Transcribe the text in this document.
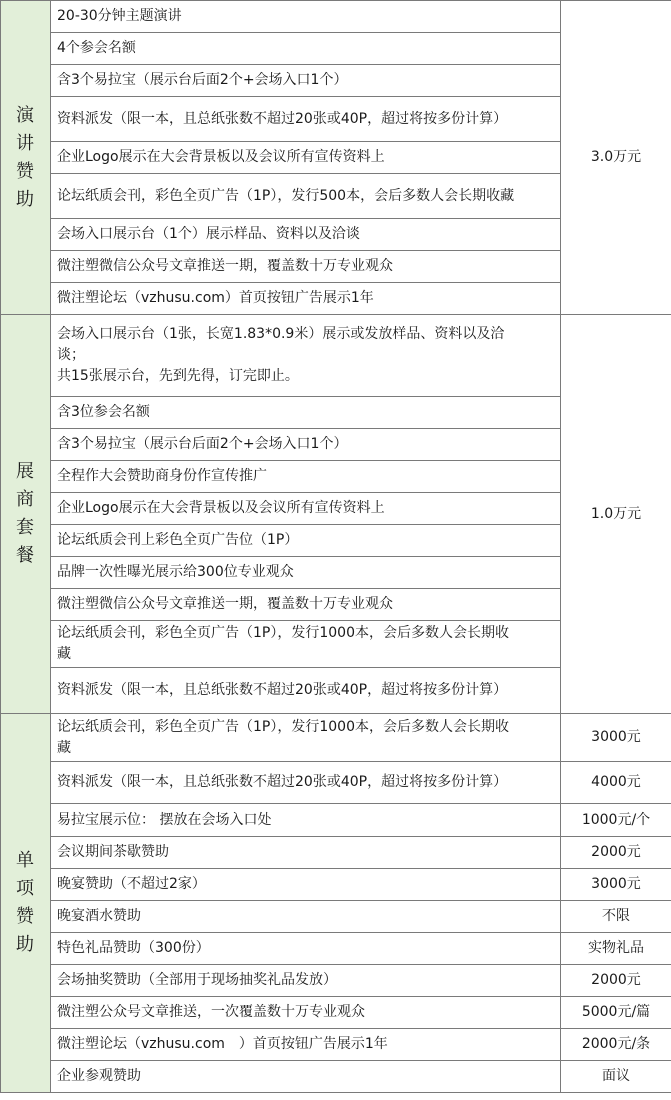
演
讲
赞
助	20-30分钟主题演讲	3.0万元

	4个参会名额	

	含3个易拉宝（展示台后面2个+会场入口1个）	

	资料派发（限一本，且总纸张数不超过20张或40P，超过将按多份计算）	

	企业Logo展示在大会背景板以及会议所有宣传资料上	

	论坛纸质会刊，彩色全页广告（1P），发行500本，会后多数人会长期收藏	

	会场入口展示台（1个）展示样品、资料以及洽谈	

	微注塑微信公众号文章推送一期，覆盖数十万专业观众	

	微注塑论坛（vzhusu.com）首页按钮广告展示1年	

展
商
套
餐	会场入口展示台（1张，长宽1.83*0.9米）展示或发放样品、资料以及洽
谈；
共15张展示台，先到先得，订完即止。	1.0万元

	含3位参会名额	

	含3个易拉宝（展示台后面2个+会场入口1个）	

	全程作大会赞助商身份作宣传推广	

	企业Logo展示在大会背景板以及会议所有宣传资料上	

	论坛纸质会刊上彩色全页广告位（1P）	

	品牌一次性曝光展示给300位专业观众	

	微注塑微信公众号文章推送一期，覆盖数十万专业观众	

	论坛纸质会刊，彩色全页广告（1P），发行1000本，会后多数人会长期收
藏	

	资料派发（限一本，且总纸张数不超过20张或40P，超过将按多份计算）	

单
项
赞
助	论坛纸质会刊，彩色全页广告（1P），发行1000本，会后多数人会长期收
藏	3000元

	资料派发（限一本，且总纸张数不超过20张或40P，超过将按多份计算）	4000元

	易拉宝展示位： 摆放在会场入口处	1000元/个

	会议期间茶歇赞助	2000元

	晚宴赞助（不超过2家）	3000元

	晚宴酒水赞助	不限

	特色礼品赞助（300份）	实物礼品

	会场抽奖赞助（全部用于现场抽奖礼品发放）	2000元

	微注塑公众号文章推送，一次覆盖数十万专业观众	5000元/篇

	微注塑论坛（vzhusu.com　）首页按钮广告展示1年	2000元/条

	企业参观赞助	面议
